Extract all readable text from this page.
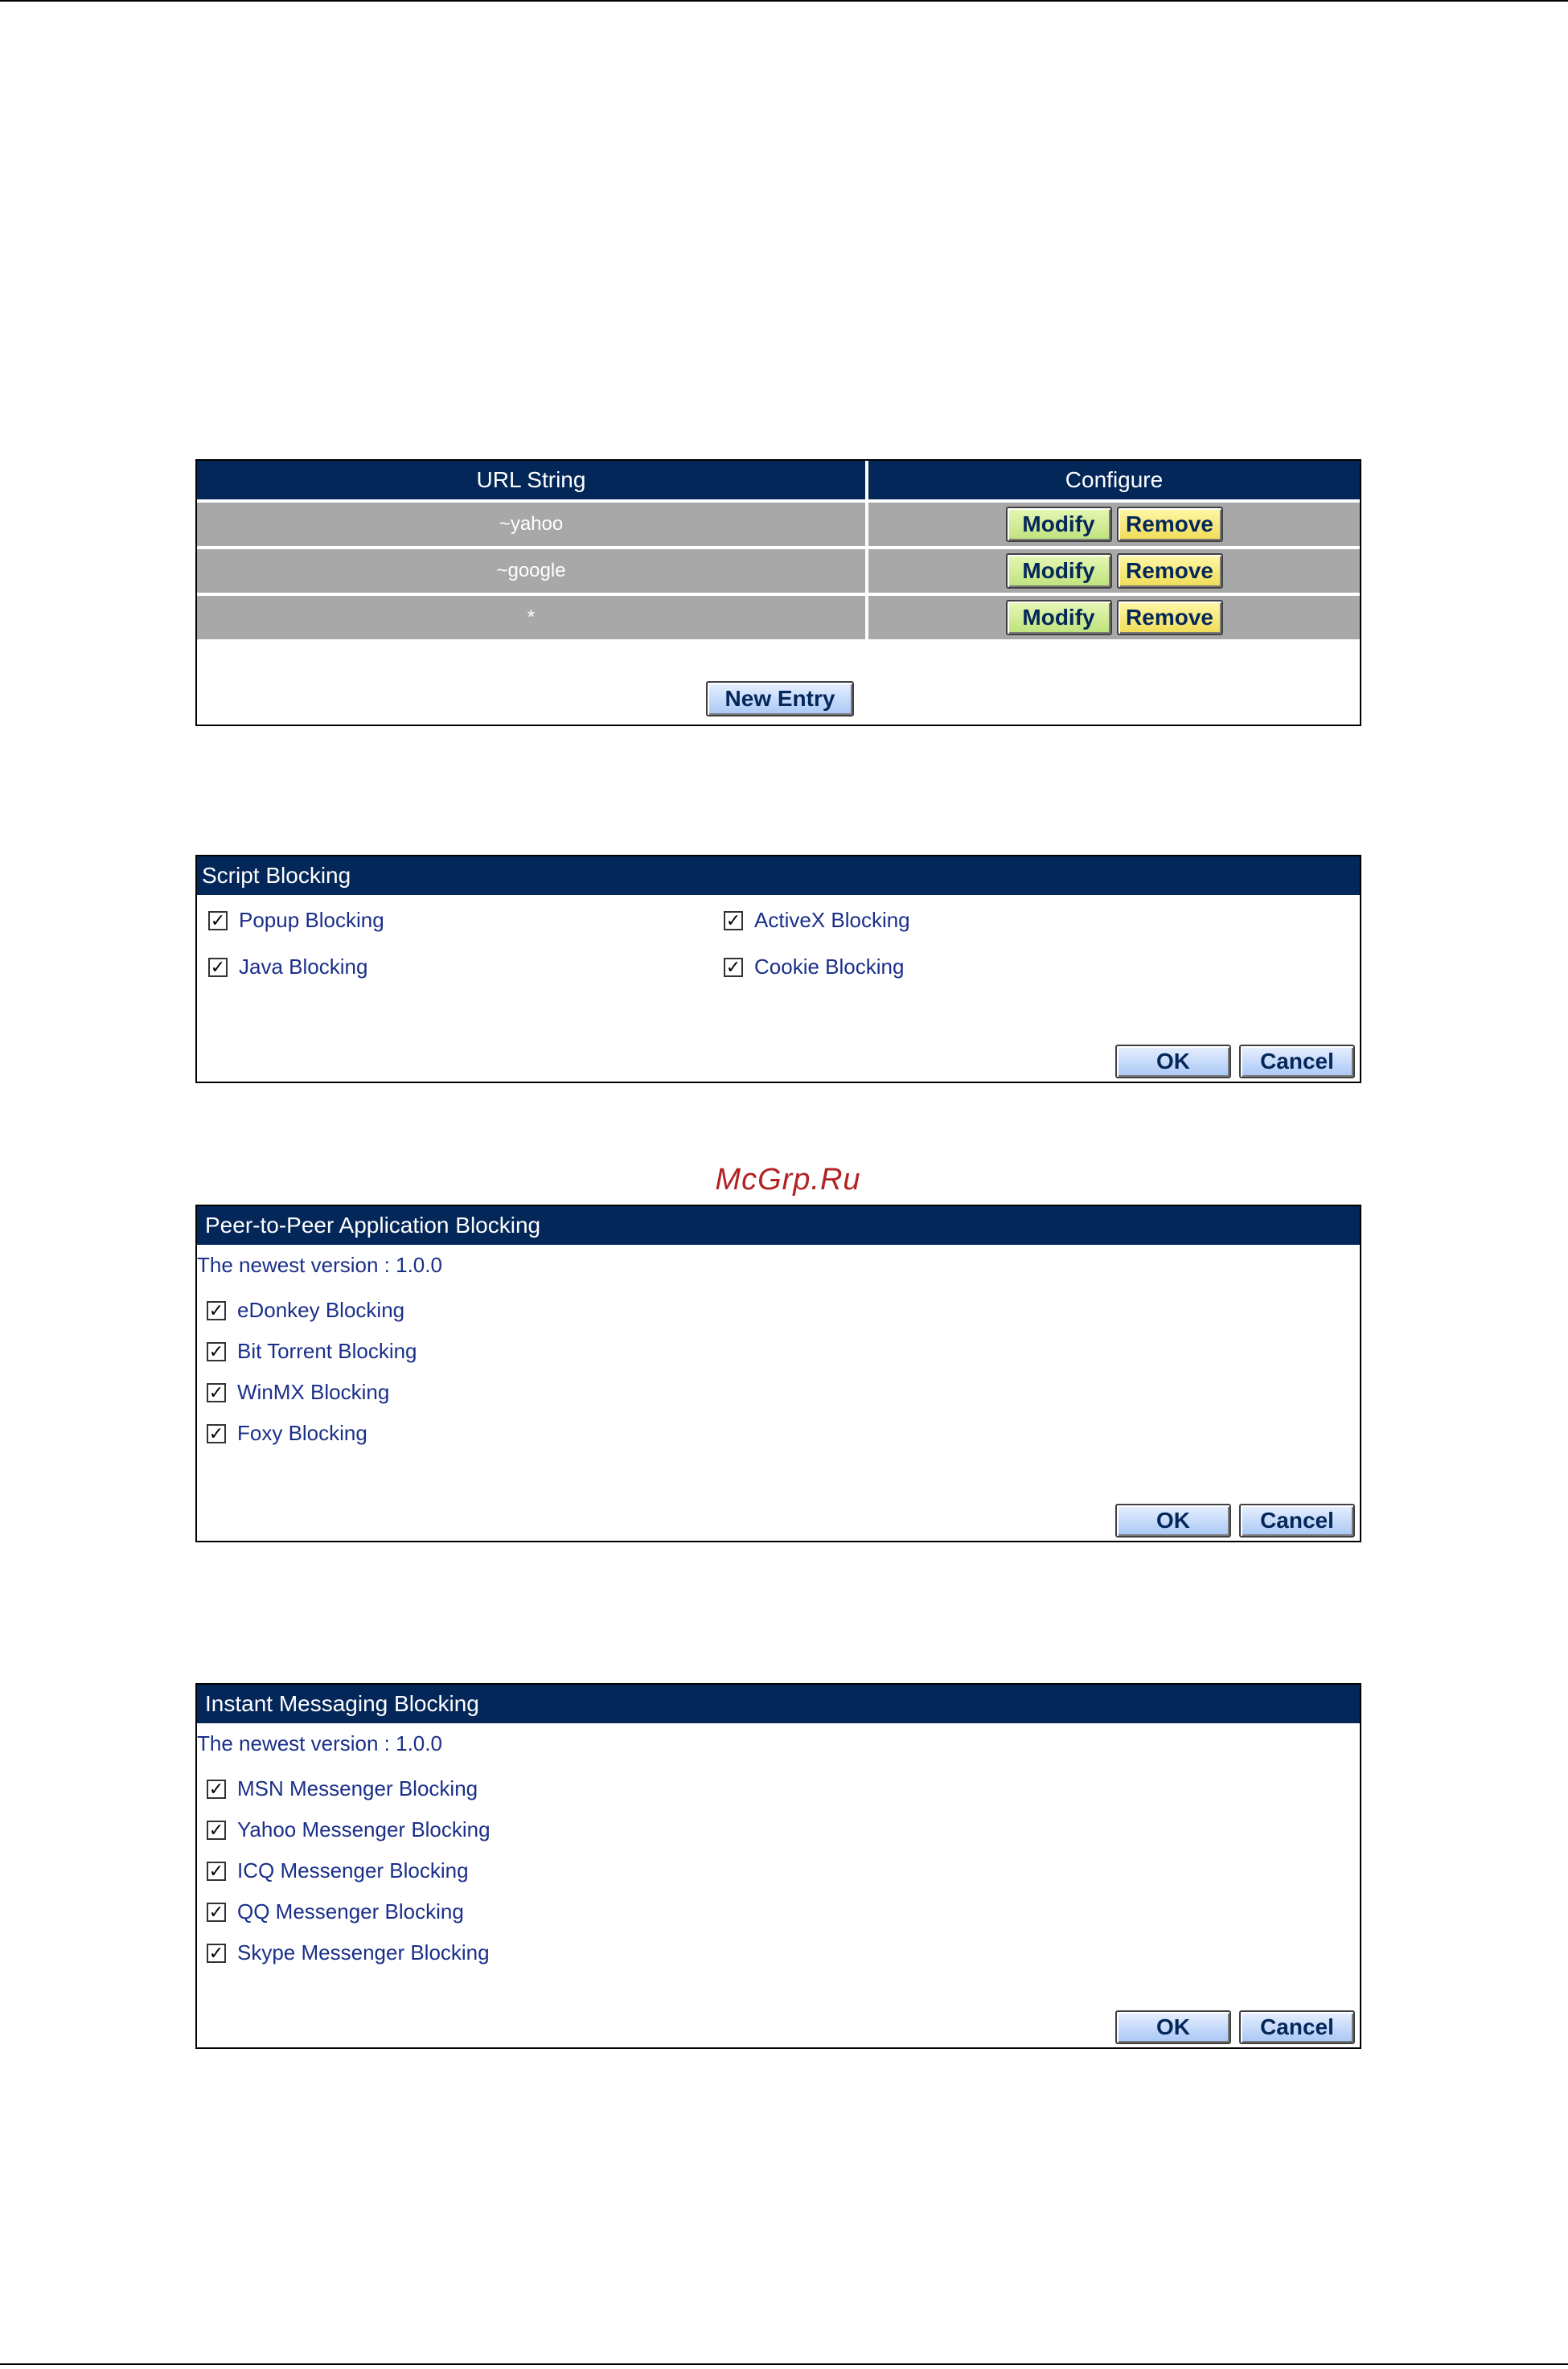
URL String	Configure
~yahoo	Modify	Remove
~google	Modify	Remove
*	Modify	Remove
New Entry
Script Blocking
✓ Popup Blocking	✓ ActiveX Blocking
✓ Java Blocking	✓ Cookie Blocking
OK	Cancel
McGrp.Ru
Peer-to-Peer Application Blocking
The newest version : 1.0.0
✓ eDonkey Blocking
✓ Bit Torrent Blocking
✓ WinMX Blocking
✓ Foxy Blocking
OK	Cancel
Instant Messaging Blocking
The newest version : 1.0.0
✓ MSN Messenger Blocking
✓ Yahoo Messenger Blocking
✓ ICQ Messenger Blocking
✓ QQ Messenger Blocking
✓ Skype Messenger Blocking
OK	Cancel
